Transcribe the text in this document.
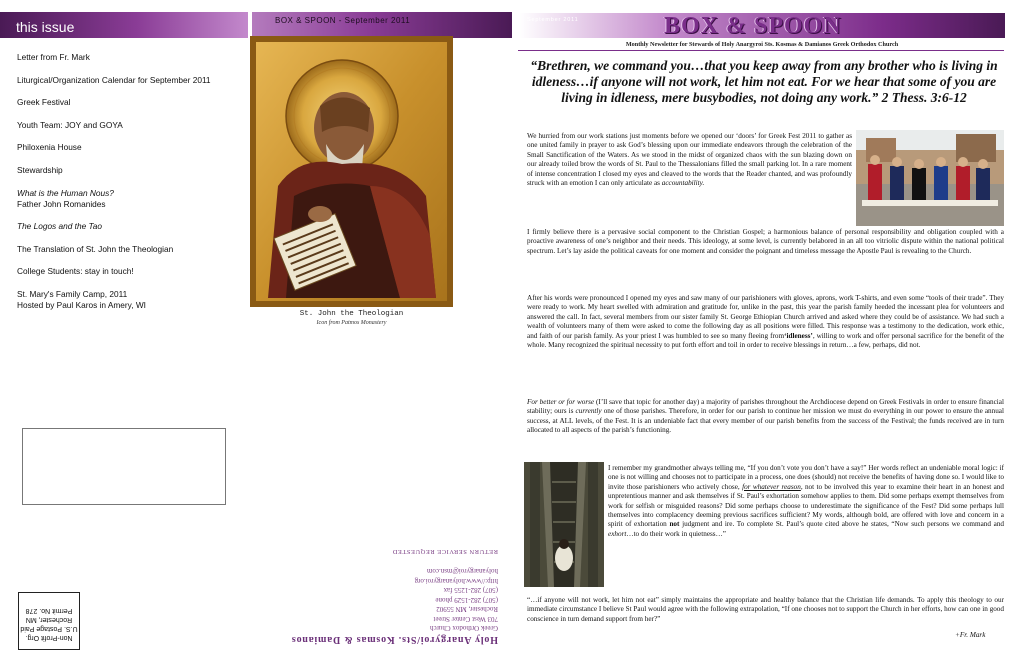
this issue
Letter from Fr. Mark
Liturgical/Organization Calendar for September 2011
Greek Festival
Youth Team: JOY and GOYA
Philoxenia House
Stewardship
What is the Human Nous?
Father John Romanides
The Logos and the Tao
The Translation of St. John the Theologian
College Students: stay in touch!
St. Mary's Family Camp, 2011
Hosted by Paul Karos in Amery, WI
Holy Anargyroi/Sts. Kosmas & Damianos
Greek Orthodox Church
703 West Center Street
Rochester, MN 55902
(507) 282-1529 phone
(507) 282-1255 fax
http://www.holyanargyroi.org
holyanargyroi@msn.com
RETURN SERVICE REQUESTED
Non-Profit Org.
U.S. Postage Paid
Rochester, MN
Permit No. 278
BOX & SPOON - September 2011
St. John the Theologian
Icon from Patmos Monastery
September 2011	BOX & SPOON
Monthly Newsletter for Stewards of Holy Anargyroi Sts. Kosmas & Damianos Greek Orthodox Church
“Brethren, we command you…that you keep away from any brother who is living in idleness…if anyone will not work, let him not eat. For we hear that some of you are living in idleness, mere busybodies, not doing any work.” 2 Thess. 3:6-12
We hurried from our work stations just moments before we opened our ‘doors’ for Greek Fest 2011 to gather as one united family in prayer to ask God’s blessing upon our immediate endeavors through the celebration of the Small Sanctification of the Waters. As we stood in the midst of organized chaos with the sun blazing down on our already toiled brow the words of St. Paul to the Thessalonians filled the small parking lot. In a rare moment of intense concentration I closed my eyes and cleaved to the words that the Reader chanted, and was profoundly struck with an emotion I can only articulate as accountability.
I firmly believe there is a pervasive social component to the Christian Gospel; a harmonious balance of personal responsibility and obligation coupled with a proactive awareness of one’s neighbor and their needs. This ideology, at some level, is currently belabored in an all too vitriolic dispute within the national political spectrum. Let’s lay aside the political caveats for one moment and consider the poignant and timeless message the Apostle Paul is revealing to the Church.
After his words were pronounced I opened my eyes and saw many of our parishioners with gloves, aprons, work T-shirts, and even some “tools of their trade”. They were ready to work. My heart swelled with admiration and gratitude for, unlike in the past, this year the parish family heeded the incessant plea for volunteers and answered the call. In fact, several members from our sister family St. George Ethiopian Church arrived and asked where they could be of assistance. We had such a wealth of volunteers many of them were asked to come the following day as all positions were filled. This response was a testimony to the dedication, work ethic, and faith of our parish family. As your priest I was humbled to see so many fleeing from‘idleness’, willing to work and offer personal sacrifice for the benefit of the whole. Many recognized the spiritual necessity to put forth effort and toil in order to receive blessings in return…a few, perhaps, did not.
For better or for worse (I’ll save that topic for another day) a majority of parishes throughout the Archdiocese depend on Greek Festivals in order to ensure financial stability; ours is currently one of those parishes. Therefore, in order for our parish to continue her mission we must do everything in our power to ensure the annual success, at ALL levels, of the Fest. It is an undeniable fact that every member of our parish benefits from the success of the Festival; the funds received are in turn allocated to all aspects of the parish’s functioning.
I remember my grandmother always telling me, “If you don’t vote you don’t have a say!” Her words reflect an undeniable moral logic: if one is not willing and chooses not to participate in a process, one does (should) not receive the benefits of having done so. I would like to invite those parishioners who actively chose, for whatever reason, not to be involved this year to examine their heart in an honest and unpretentious manner and ask themselves if St. Paul’s exhortation somehow applies to them. Did some perhaps exempt themselves from work for selfish or misguided reasons? Did some perhaps choose to underestimate the significance of the Fest? Did some perhaps lull themselves into complacency deeming previous sacrifices sufficient? My words, although bold, are offered with love and concern in a spirit of exhortation not judgment and ire. To complete St. Paul’s quote cited above he states, “Now such persons we command and exhort…to do their work in quietness…”
“…if anyone will not work, let him not eat” simply maintains the appropriate and healthy balance that the Christian life demands. To apply this theology to our immediate circumstance I believe St Paul would agree with the following extrapolation, “If one chooses not to support the Church in her efforts, how can one in good conscience in turn demand support from her?”
+Fr. Mark
